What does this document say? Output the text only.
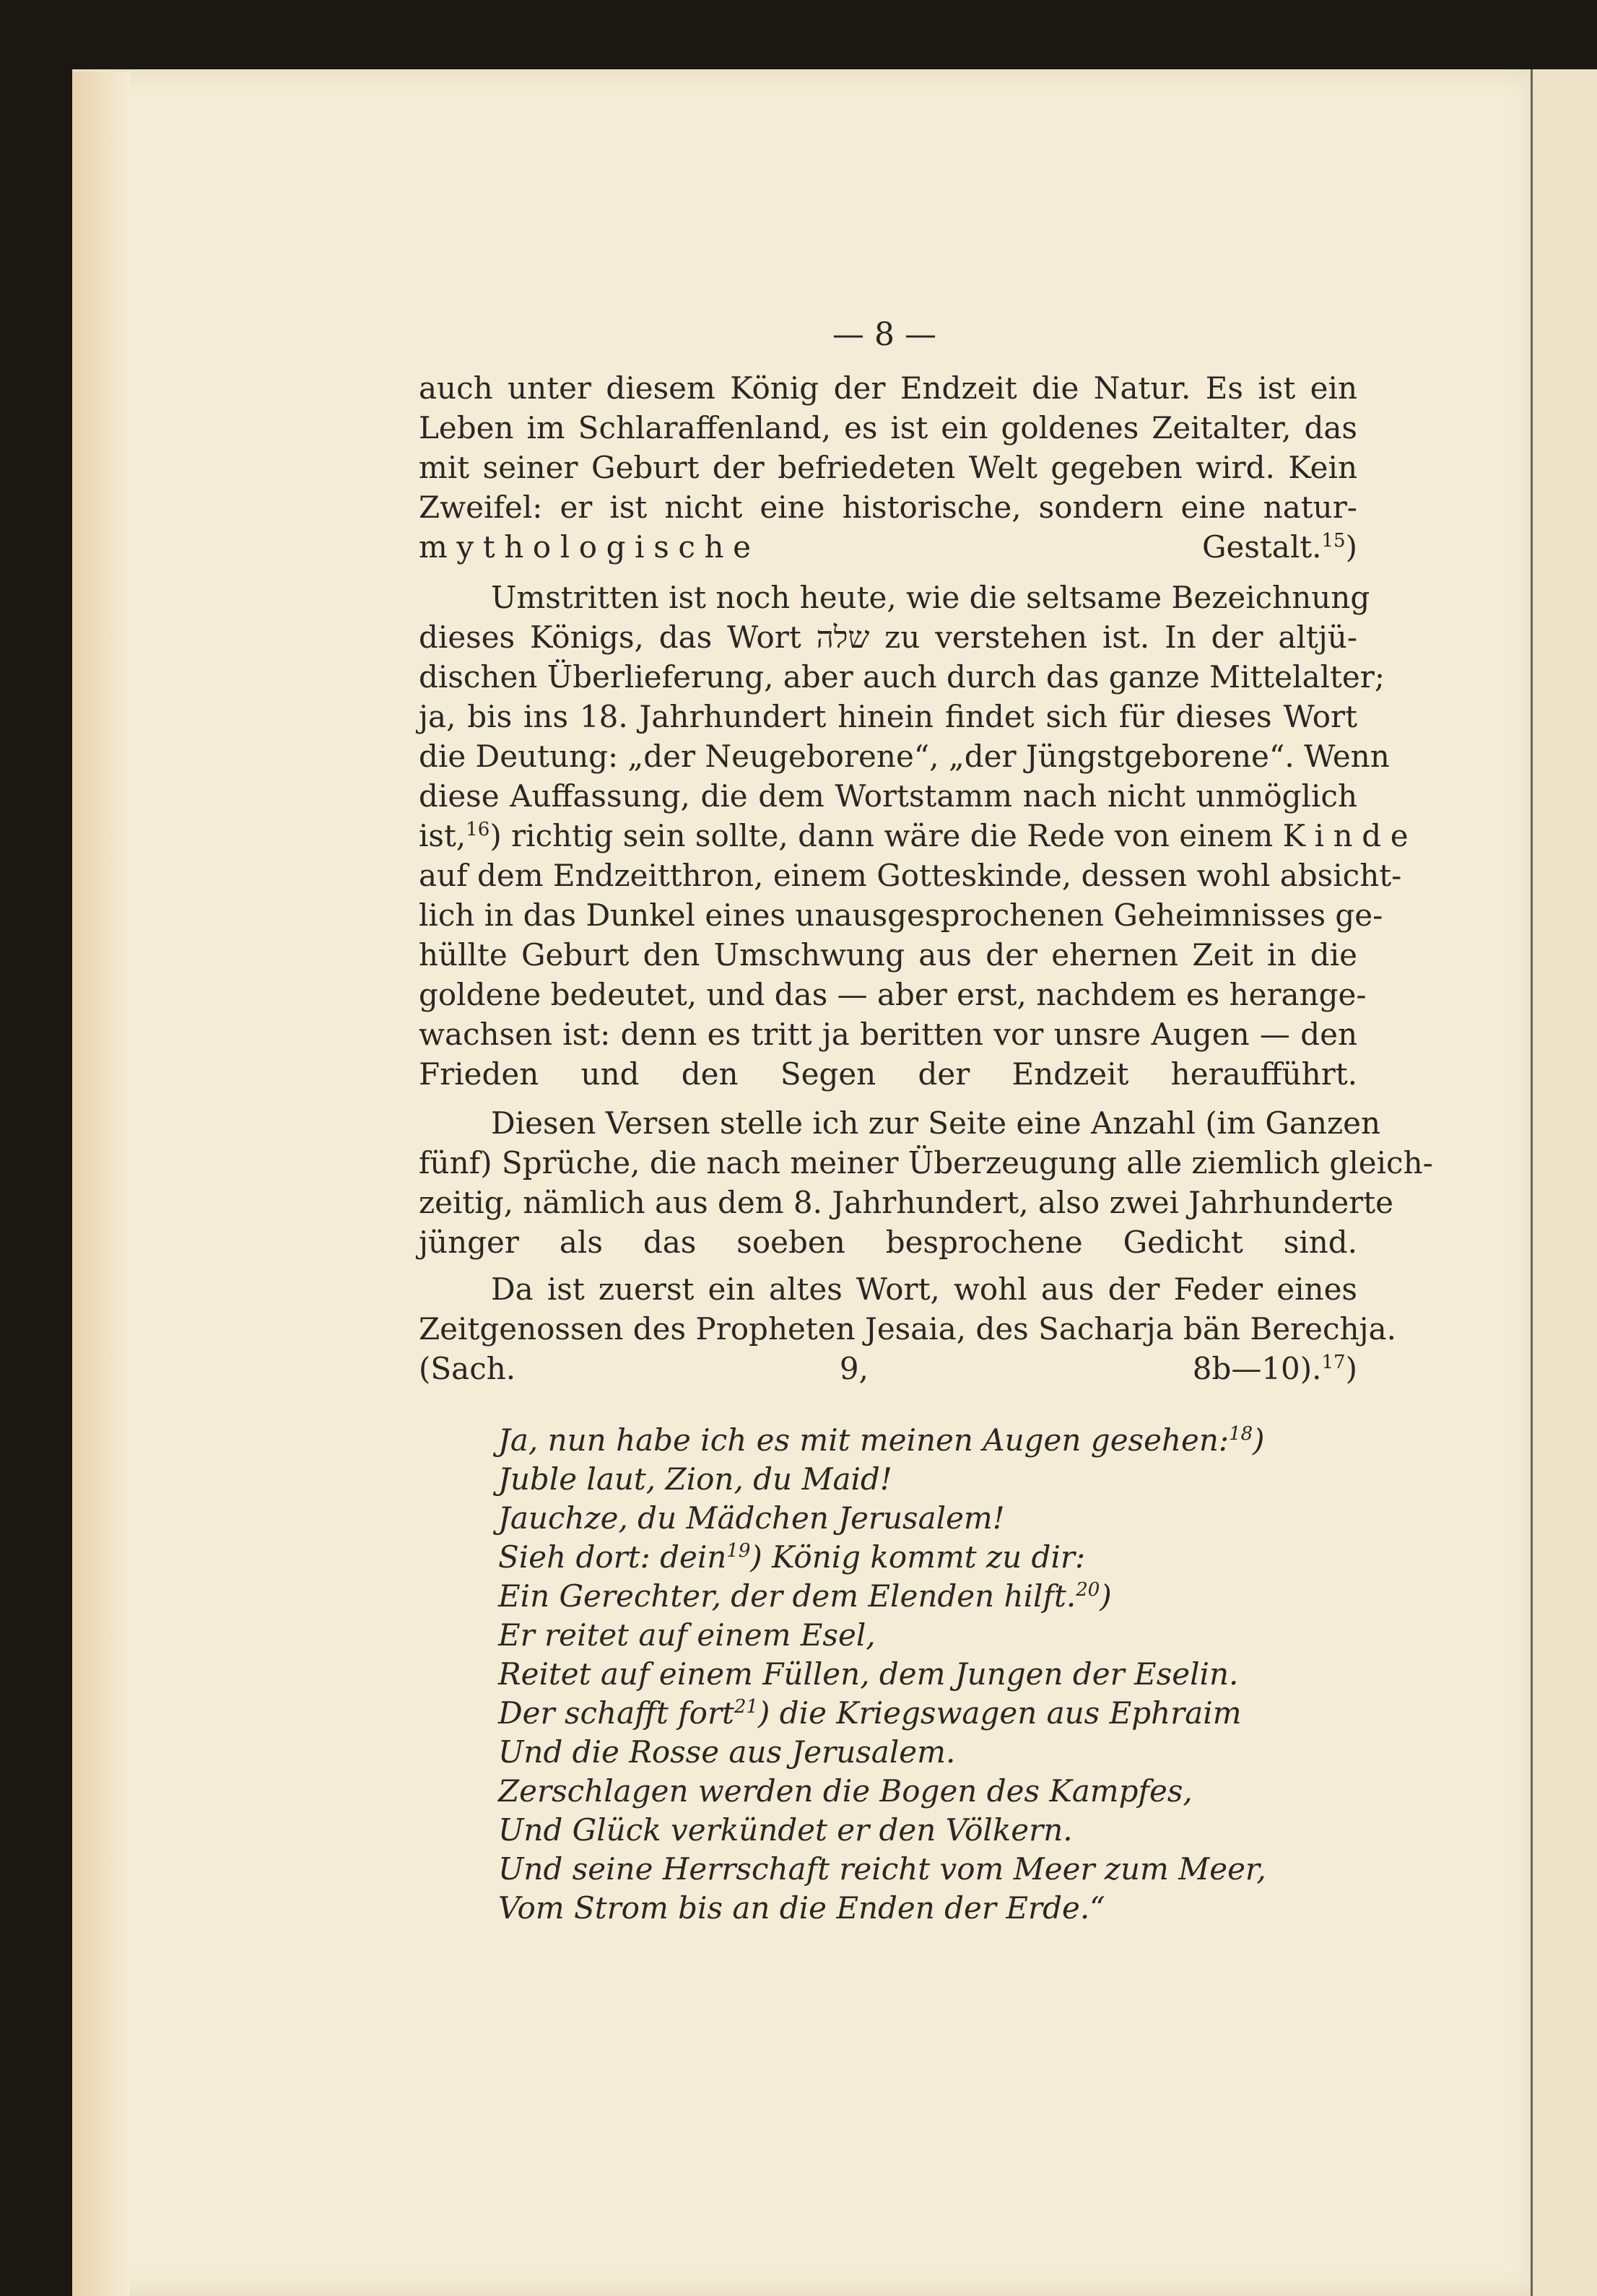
— 8 —

auch unter diesem König der Endzeit die Natur. Es ist ein
Leben im Schlaraffenland, es ist ein goldenes Zeitalter, das
mit seiner Geburt der befriedeten Welt gegeben wird. Kein
Zweifel: er ist nicht eine historische, sondern eine natur-
mythologische	Gestalt.$^{15}$)

Umstritten ist noch heute, wie die seltsame Bezeichnung
dieses Königs, das Wort שלה zu verstehen ist. In der altjü-
dischen Überlieferung, aber auch durch das ganze Mittelalter;
ja, bis ins 18. Jahrhundert hinein findet sich für dieses Wort
die Deutung: „der Neugeborene“, „der Jüngstgeborene“. Wenn
diese Auffassung, die dem Wortstamm nach nicht unmöglich
ist,$^{16}$) richtig sein sollte, dann wäre die Rede von einem Kinde
auf dem Endzeitthron, einem Gotteskinde, dessen wohl absicht-
lich in das Dunkel eines unausgesprochenen Geheimnisses ge-
hüllte Geburt den Umschwung aus der ehernen Zeit in die
goldene bedeutet, und das — aber erst, nachdem es herange-
wachsen ist: denn es tritt ja beritten vor unsre Augen — den
Frieden und den Segen der Endzeit heraufführt.

Diesen Versen stelle ich zur Seite eine Anzahl (im Ganzen
fünf) Sprüche, die nach meiner Überzeugung alle ziemlich gleich-
zeitig, nämlich aus dem 8. Jahrhundert, also zwei Jahrhunderte
jünger als das soeben besprochene Gedicht sind.

Da ist zuerst ein altes Wort, wohl aus der Feder eines
Zeitgenossen des Propheten Jesaia, des Sacharja bän Berechja.
(Sach. 9, 8b—10).$^{17}$)

Ja, nun habe ich es mit meinen Augen gesehen:$^{18}$)
Juble laut, Zion, du Maid!
Jauchze, du Mädchen Jerusalem!
Sieh dort: dein$^{19}$) König kommt zu dir:
Ein Gerechter, der dem Elenden hilft.$^{20}$)
Er reitet auf einem Esel,
Reitet auf einem Füllen, dem Jungen der Eselin.
Der schafft fort$^{21}$) die Kriegswagen aus Ephraim
Und die Rosse aus Jerusalem.
Zerschlagen werden die Bogen des Kampfes,
Und Glück verkündet er den Völkern.
Und seine Herrschaft reicht vom Meer zum Meer,
Vom Strom bis an die Enden der Erde.“
